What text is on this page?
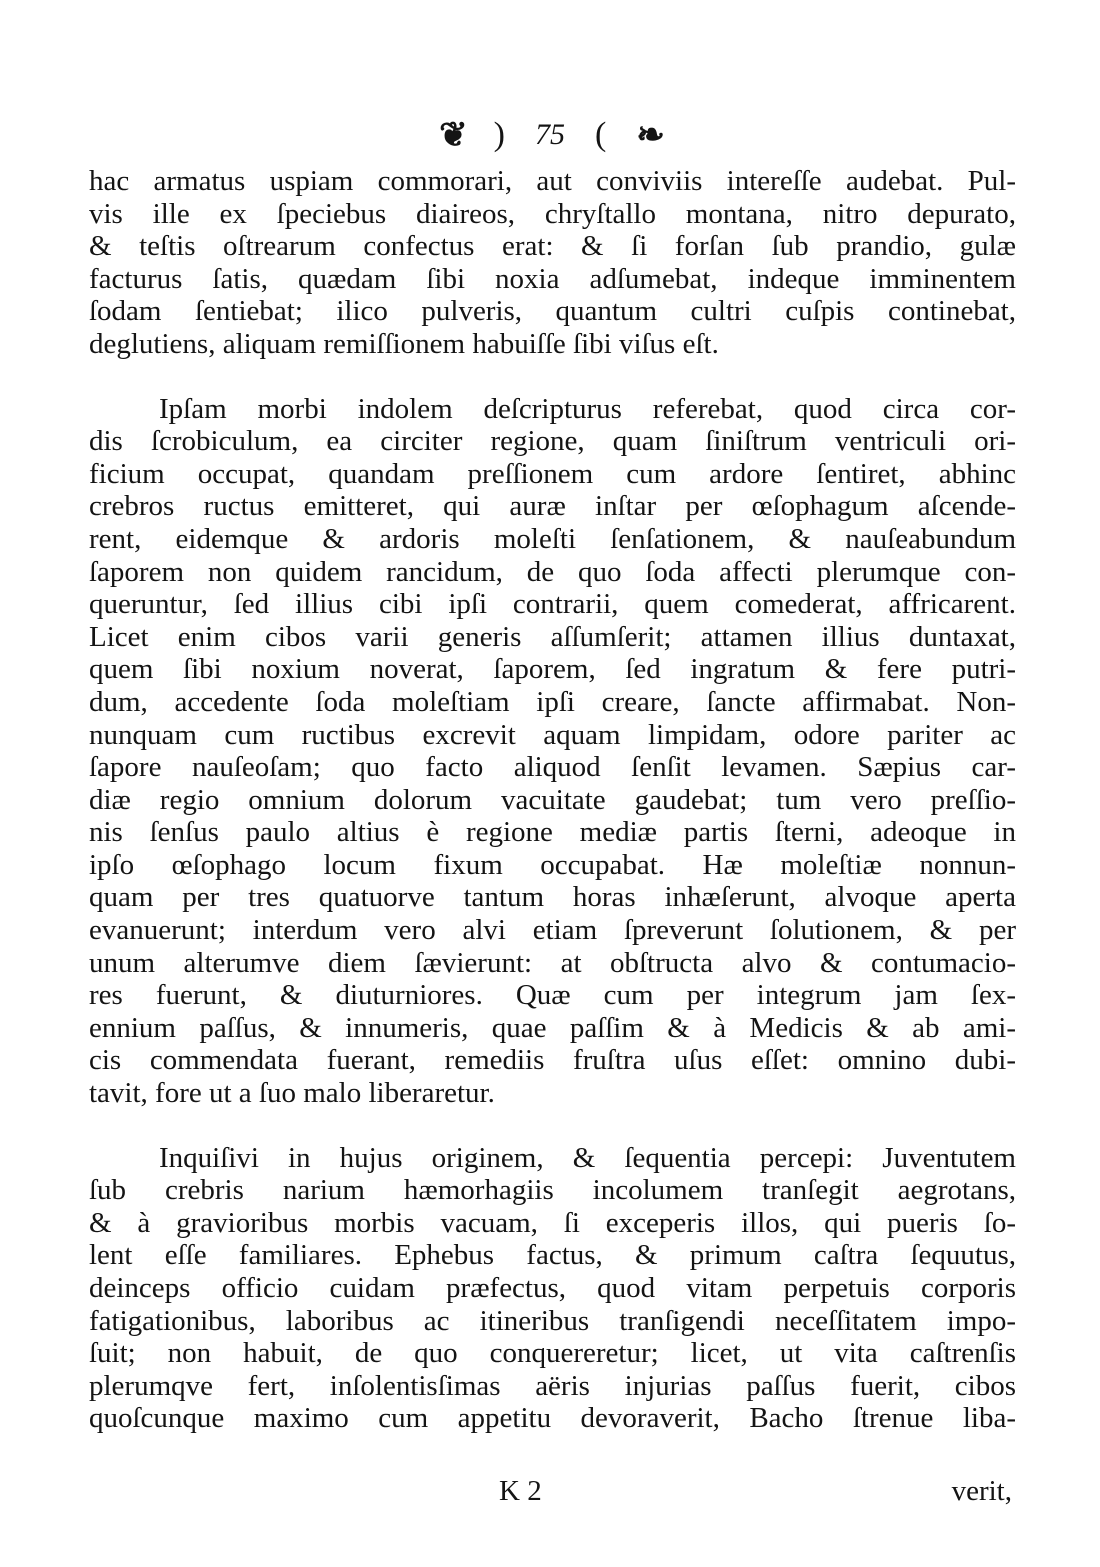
❦ ) 75 ( ❧
hac armatus uspiam commorari, aut conviviis intereſſe audebat. Pul-
vis ille ex ſpeciebus diaireos, chryſtallo montana, nitro depurato,
& teſtis oſtrearum confectus erat: & ſi forſan ſub prandio, gulæ
facturus ſatis, quædam ſibi noxia adſumebat, indeque imminentem
ſodam ſentiebat; ilico pulveris, quantum cultri cuſpis continebat,
deglutiens, aliquam remiſſionem habuiſſe ſibi viſus eſt.
Ipſam morbi indolem deſcripturus referebat, quod circa cor-
dis ſcrobiculum, ea circiter regione, quam ſiniſtrum ventriculi ori-
ficium occupat, quandam preſſionem cum ardore ſentiret, abhinc
crebros ructus emitteret, qui auræ inſtar per œſophagum aſcende-
rent, eidemque & ardoris moleſti ſenſationem, & nauſeabundum
ſaporem non quidem rancidum, de quo ſoda affecti plerumque con-
queruntur, ſed illius cibi ipſi contrarii, quem comederat, affricarent.
Licet enim cibos varii generis aſſumſerit; attamen illius duntaxat,
quem ſibi noxium noverat, ſaporem, ſed ingratum & fere putri-
dum, accedente ſoda moleſtiam ipſi creare, ſancte affirmabat. Non-
nunquam cum ructibus excrevit aquam limpidam, odore pariter ac
ſapore nauſeoſam; quo facto aliquod ſenſit levamen. Sæpius car-
diæ regio omnium dolorum vacuitate gaudebat; tum vero preſſio-
nis ſenſus paulo altius è regione mediæ partis ſterni, adeoque in
ipſo œſophago locum fixum occupabat. Hæ moleſtiæ nonnun-
quam per tres quatuorve tantum horas inhæſerunt, alvoque aperta
evanuerunt; interdum vero alvi etiam ſpreverunt ſolutionem, & per
unum alterumve diem ſævierunt: at obſtructa alvo & contumacio-
res fuerunt, & diuturniores. Quæ cum per integrum jam ſex-
ennium paſſus, & innumeris, quae paſſim & à Medicis & ab ami-
cis commendata fuerant, remediis fruſtra uſus eſſet: omnino dubi-
tavit, fore ut a ſuo malo liberaretur.
Inquiſivi in hujus originem, & ſequentia percepi: Juventutem
ſub crebris narium hæmorhagiis incolumem tranſegit aegrotans,
& à gravioribus morbis vacuam, ſi exceperis illos, qui pueris ſo-
lent eſſe familiares. Ephebus factus, & primum caſtra ſequutus,
deinceps officio cuidam præfectus, quod vitam perpetuis corporis
fatigationibus, laboribus ac itineribus tranſigendi neceſſitatem impo-
ſuit; non habuit, de quo conquereretur; licet, ut vita caſtrenſis
plerumqve fert, inſolentisſimas aëris injurias paſſus fuerit, cibos
quoſcunque maximo cum appetitu devoraverit, Bacho ſtrenue liba-
K 2	verit,
